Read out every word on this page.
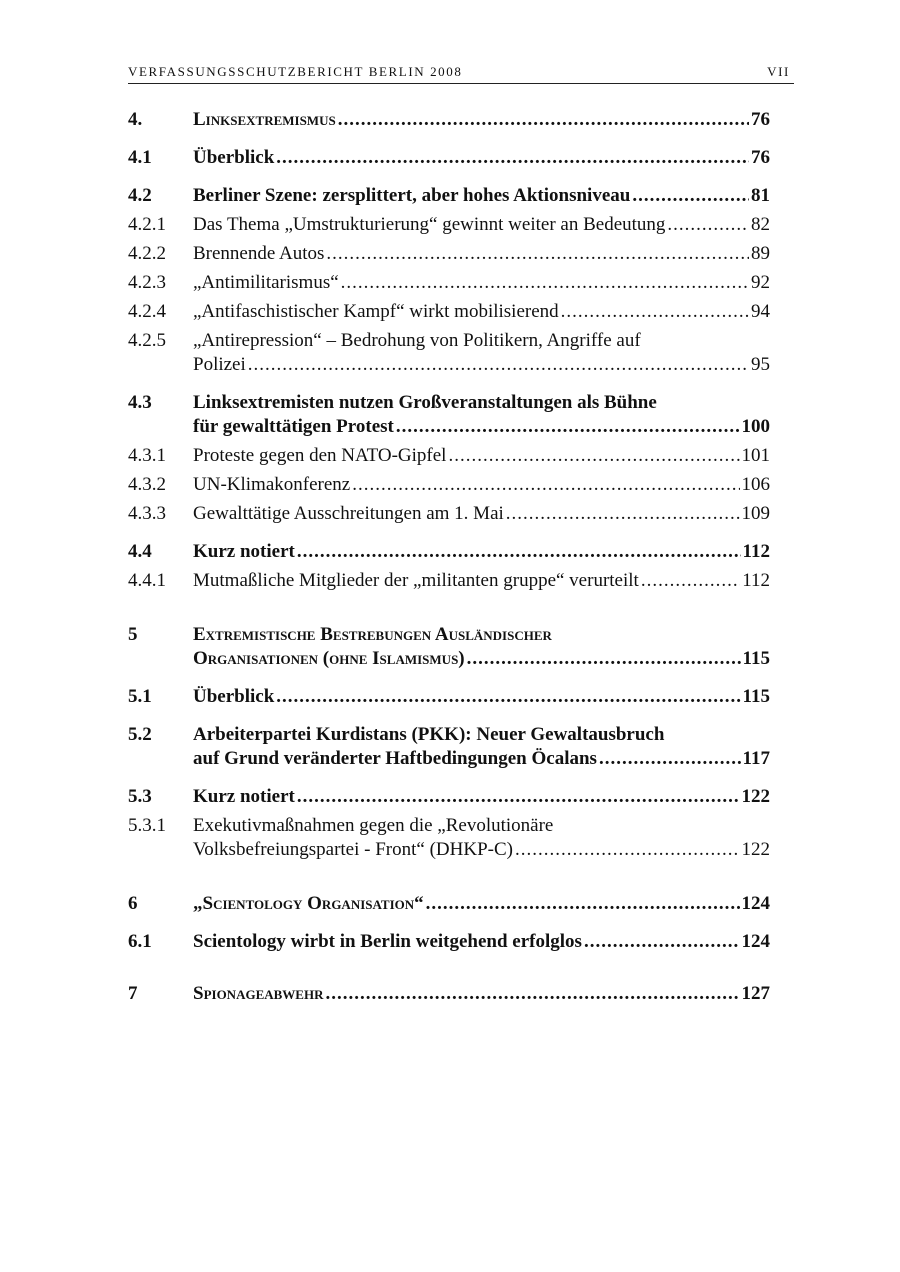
VERFASSUNGSSCHUTZBERICHT BERLIN 2008	VII
4.	Linksextremismus .....	76
4.1 Überblick .....	76
4.2 Berliner Szene: zersplittert, aber hohes Aktionsniveau .....	81
4.2.1 Das Thema „Umstrukturierung“ gewinnt weiter an Bedeutung .....	82
4.2.2 Brennende Autos .....	89
4.2.3 „Antimilitarismus“ .....	92
4.2.4 „Antifaschistischer Kampf“ wirkt mobilisierend .....	94
4.2.5 „Antirepression“ – Bedrohung von Politikern, Angriffe auf
Polizei .....	95
4.3 Linksextremisten nutzen Großveranstaltungen als Bühne
für gewalttätigen Protest .....	100
4.3.1 Proteste gegen den NATO-Gipfel .....	101
4.3.2 UN-Klimakonferenz .....	106
4.3.3 Gewalttätige Ausschreitungen am 1. Mai .....	109
4.4 Kurz notiert .....	112
4.4.1 Mutmaßliche Mitglieder der „militanten gruppe“ verurteilt .....	112
5	Extremistische Bestrebungen Ausländischer
Organisationen (ohne Islamismus) .....	115
5.1 Überblick .....	115
5.2 Arbeiterpartei Kurdistans (PKK): Neuer Gewaltausbruch
auf Grund veränderter Haftbedingungen Öcalans .....	117
5.3 Kurz notiert .....	122
5.3.1 Exekutivmaßnahmen gegen die „Revolutionäre
Volksbefreiungspartei - Front“ (DHKP-C) .....	122
6	„Scientology Organisation“ .....	124
6.1 Scientology wirbt in Berlin weitgehend erfolglos .....	124
7	Spionageabwehr .....	127
